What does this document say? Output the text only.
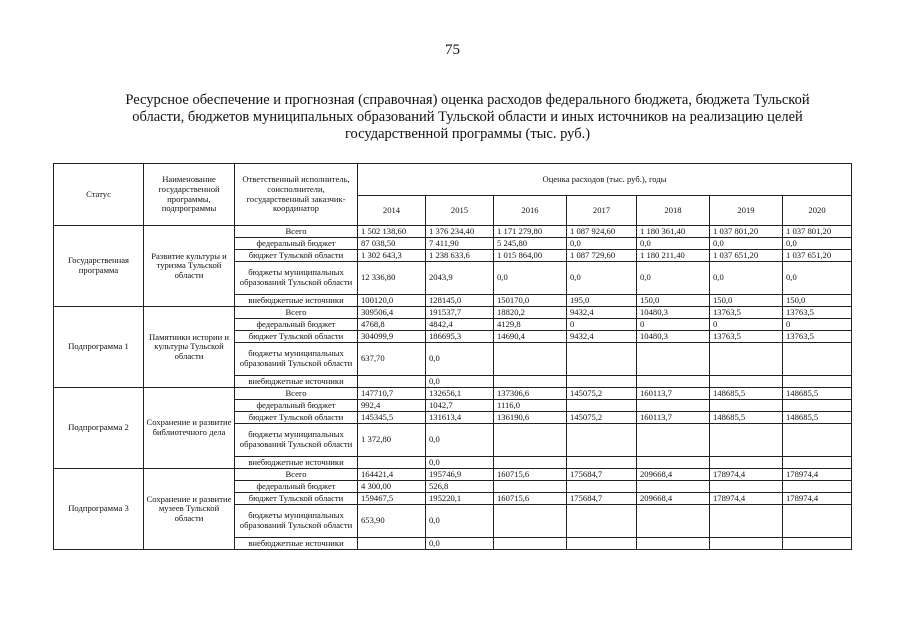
75
Ресурсное обеспечение и прогнозная (справочная) оценка расходов федерального бюджета, бюджета Тульской области, бюджетов муниципальных образований Тульской области и иных источников на реализацию целей государственной программы (тыс. руб.)
Статус	Наименование государственной программы, подпрограммы	Ответственный исполнитель, соисполнители, государственный заказчик-координатор	Оценка расходов (тыс. руб.), годы						
			2014	2015	2016	2017	2018	2019	2020
Государственная программа	Развитие культуры и туризма Тульской области	Всего	1 502 138,60	1 376 234,40	1 171 279,80	1 087 924,60	1 180 361,40	1 037 801,20	1 037 801,20
		федеральный бюджет	87 038,50	7 411,90	5 245,80	0,0	0,0	0,0	0,0
		бюджет Тульской области	1 302 643,3	1 238 633,6	1 015 864,00	1 087 729,60	1 180 211,40	1 037 651,20	1 037 651,20
		бюджеты муниципальных образований Тульской области	12 336,80	2043,9	0,0	0,0	0,0	0,0	0,0
		внебюджетные источники	100120,0	128145,0	150170,0	195,0	150,0	150,0	150,0
Подпрограмма 1	Памятники истории и культуры Тульской области	Всего	309506,4	191537,7	18820,2	9432,4	10480,3	13763,5	13763,5
		федеральный бюджет	4768,8	4842,4	4129,8	0	0	0	0
		бюджет Тульской области	304099,9	186695,3	14690,4	9432,4	10480,3	13763,5	13763,5
		бюджеты муниципальных образований Тульской области	637,70	0,0					
		внебюджетные источники		0,0					
Подпрограмма 2	Сохранение и развитие библиотечного дела	Всего	147710,7	132656,1	137306,6	145075,2	160113,7	148685,5	148685,5
		федеральный бюджет	992,4	1042,7	1116,0				
		бюджет Тульской области	145345,5	131613,4	136190,6	145075,2	160113,7	148685,5	148685,5
		бюджеты муниципальных образований Тульской области	1 372,80	0,0					
		внебюджетные источники		0,0					
Подпрограмма 3	Сохранение и развитие музеев Тульской области	Всего	164421,4	195746,9	160715,6	175684,7	209668,4	178974,4	178974,4
		федеральный бюджет	4 300,00	526,8					
		бюджет Тульской области	159467,5	195220,1	160715,6	175684,7	209668,4	178974,4	178974,4
		бюджеты муниципальных образований Тульской области	653,90	0,0					
		внебюджетные источники		0,0					
